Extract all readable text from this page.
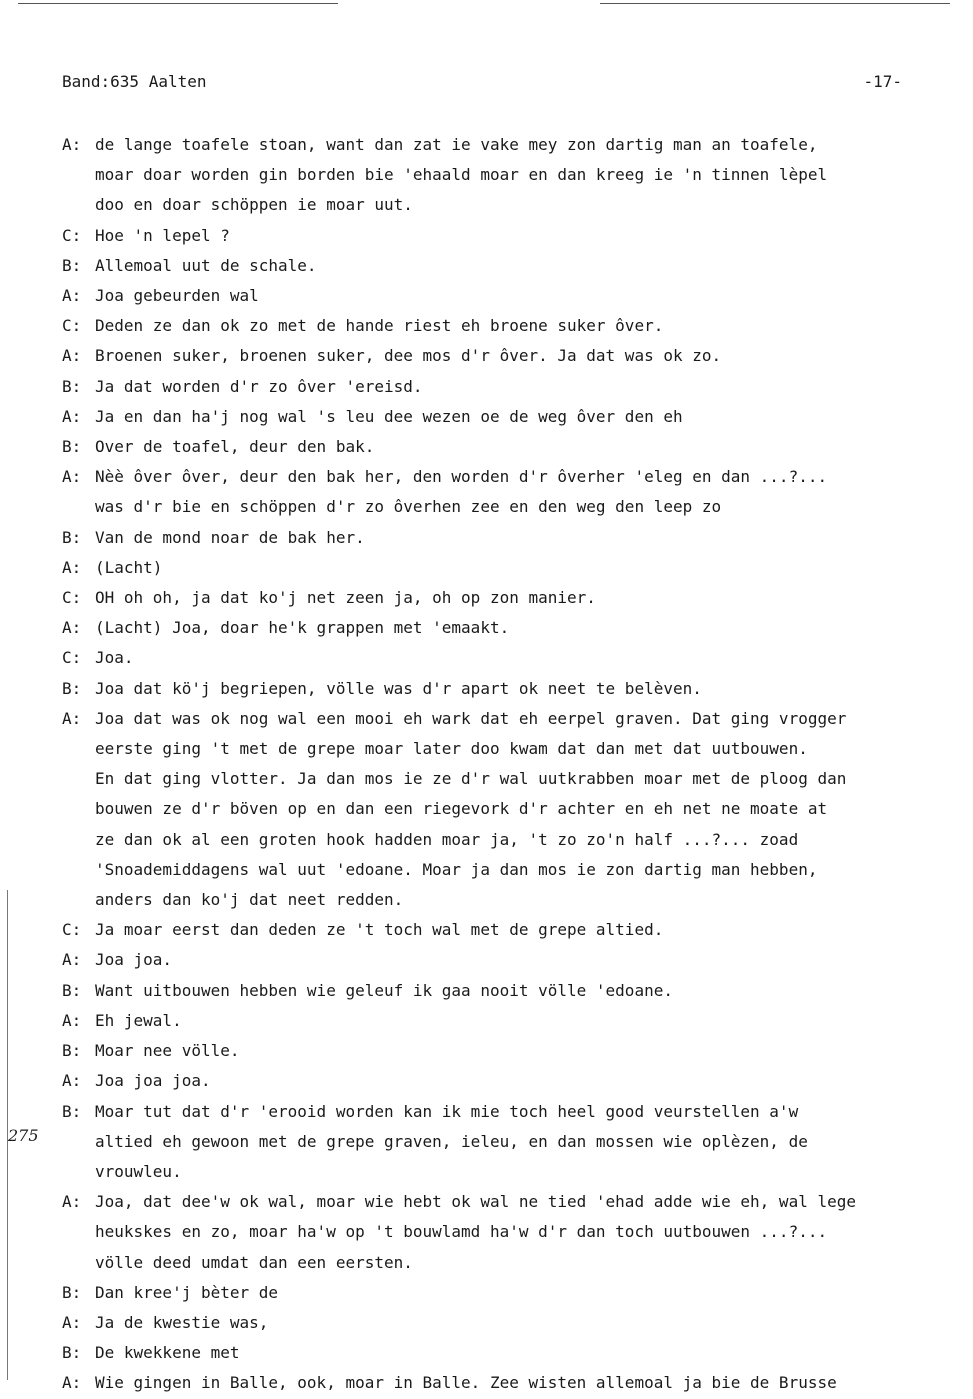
Band:635 Aalten	-17-
275
A: de lange toafele stoan, want dan zat ie vake mey zon dartig man an toafele,
moar doar worden gin borden bie 'ehaald moar en dan kreeg ie 'n tinnen lèpel
doo en doar schöppen ie moar uut.
C: Hoe 'n lepel ?
B: Allemoal uut de schale.
A: Joa gebeurden wal
C: Deden ze dan ok zo met de hande riest eh broene suker ôver.
A: Broenen suker, broenen suker, dee mos d'r ôver. Ja dat was ok zo.
B: Ja dat worden d'r zo ôver 'ereisd.
A: Ja en dan ha'j nog wal 's leu dee wezen oe de weg ôver den eh
B: Over de toafel, deur den bak.
A: Nèè ôver ôver, deur den bak her, den worden d'r ôverher 'eleg en dan ...?...
was d'r bie en schöppen d'r zo ôverhen zee en den weg den leep zo
B: Van de mond noar de bak her.
A: (Lacht)
C: OH oh oh, ja dat ko'j net zeen ja, oh op zon manier.
A: (Lacht) Joa, doar he'k grappen met 'emaakt.
C: Joa.
B: Joa dat kö'j begriepen, völle was d'r apart ok neet te belèven.
A: Joa dat was ok nog wal een mooi eh wark dat eh eerpel graven. Dat ging vrogger
eerste ging 't met de grepe moar later doo kwam dat dan met dat uutbouwen.
En dat ging vlotter. Ja dan mos ie ze d'r wal uutkrabben moar met de ploog dan
bouwen ze d'r böven op en dan een riegevork d'r achter en eh net ne moate at
ze dan ok al een groten hook hadden moar ja, 't zo zo'n half ...?... zoad
'Snoademiddagens wal uut 'edoane. Moar ja dan mos ie zon dartig man hebben,
anders dan ko'j dat neet redden.
C: Ja moar eerst dan deden ze 't toch wal met de grepe altied.
A: Joa joa.
B: Want uitbouwen hebben wie geleuf ik gaa nooit völle 'edoane.
A: Eh jewal.
B: Moar nee völle.
A: Joa joa joa.
B: Moar tut dat d'r 'erooid worden kan ik mie toch heel good veurstellen a'w
altied eh gewoon met de grepe graven, ieleu, en dan mossen wie oplèzen, de
vrouwleu.
A: Joa, dat dee'w ok wal, moar wie hebt ok wal ne tied 'ehad adde wie eh, wal lege
heukskes en zo, moar ha'w op 't bouwlamd ha'w d'r dan toch uutbouwen ...?...
völle deed umdat dan een eersten.
B: Dan kree'j bèter de
A: Ja de kwestie was,
B: De kwekkene met
A: Wie gingen in Balle, ook, moar in Balle. Zee wisten allemoal ja bie de Brusse
